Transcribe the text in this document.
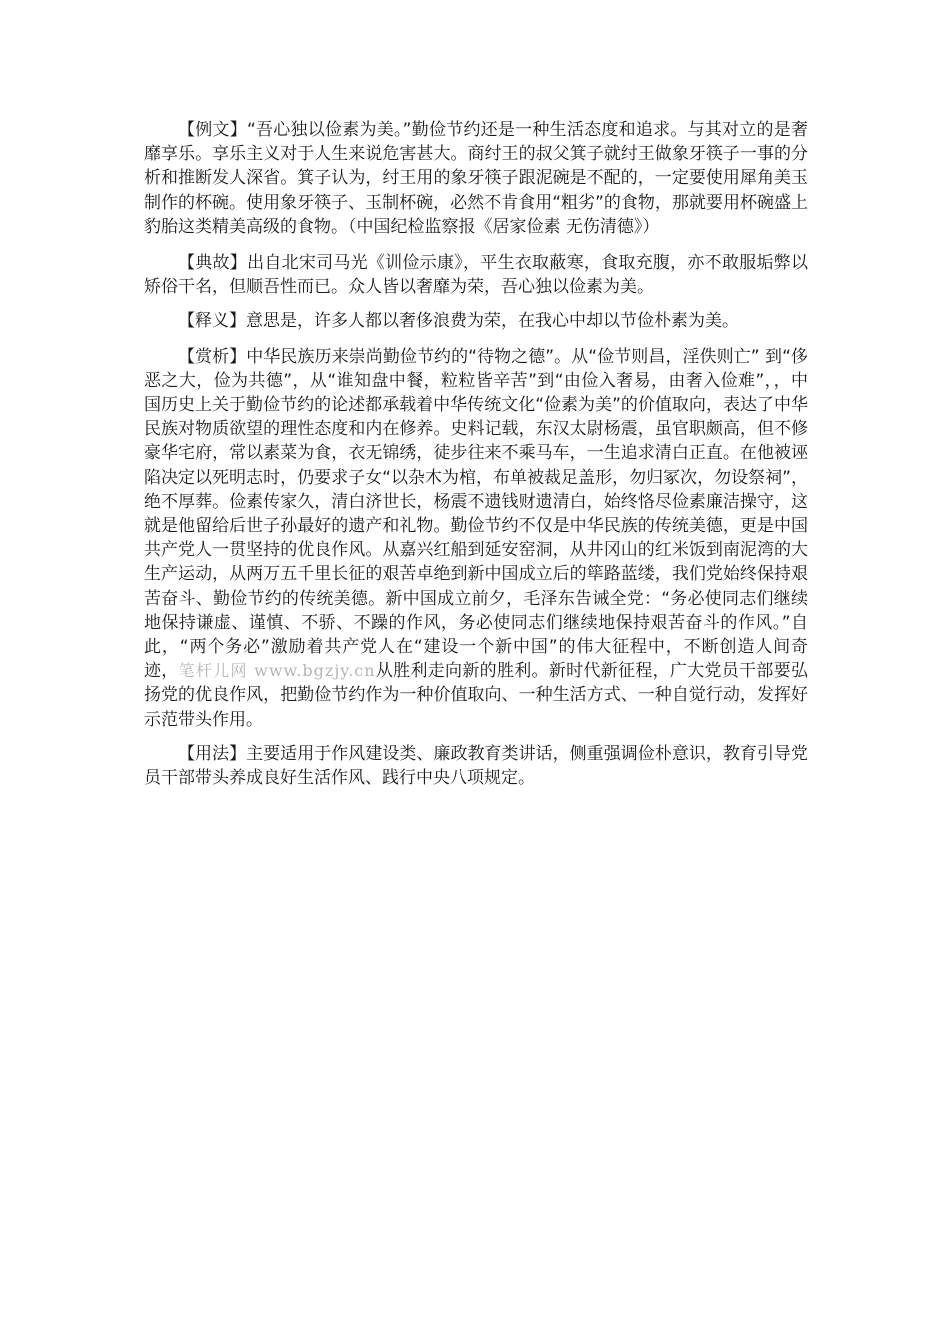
【例文】“吾心独以俭素为美。”勤俭节约还是一种生活态度和追求。与其对立的是奢靡享乐。享乐主义对于人生来说危害甚大。商纣王的叔父箕子就纣王做象牙筷子一事的分析和推断发人深省。箕子认为，纣王用的象牙筷子跟泥碗是不配的，一定要使用犀角美玉制作的杯碗。使用象牙筷子、玉制杯碗，必然不肯食用“粗劣”的食物，那就要用杯碗盛上豹胎这类精美高级的食物。（中国纪检监察报《居家俭素 无伤清德》）

【典故】出自北宋司马光《训俭示康》，平生衣取蔽寒，食取充腹，亦不敢服垢弊以矫俗干名，但顺吾性而已。众人皆以奢靡为荣，吾心独以俭素为美。

【释义】意思是，许多人都以奢侈浪费为荣，在我心中却以节俭朴素为美。

【赏析】中华民族历来崇尚勤俭节约的“待物之德”。从“俭节则昌，淫佚则亡” 到“侈恶之大，俭为共德”，从“谁知盘中餐，粒粒皆辛苦”到“由俭入奢易，由奢入俭难”，，中国历史上关于勤俭节约的论述都承载着中华传统文化“俭素为美”的价值取向，表达了中华民族对物质欲望的理性态度和内在修养。史料记载，东汉太尉杨震，虽官职颇高，但不修豪华宅府，常以素菜为食，衣无锦绣，徒步往来不乘马车，一生追求清白正直。在他被诬陷决定以死明志时，仍要求子女“以杂木为棺，布单被裁足盖形，勿归冢次，勿设祭祠”，绝不厚葬。俭素传家久，清白济世长，杨震不遗钱财遗清白，始终恪尽俭素廉洁操守，这就是他留给后世子孙最好的遗产和礼物。勤俭节约不仅是中华民族的传统美德，更是中国共产党人一贯坚持的优良作风。从嘉兴红船到延安窑洞，从井冈山的红米饭到南泥湾的大生产运动，从两万五千里长征的艰苦卓绝到新中国成立后的筚路蓝缕，我们党始终保持艰苦奋斗、勤俭节约的传统美德。新中国成立前夕，毛泽东告诫全党：“务必使同志们继续地保持谦虚、谨慎、不骄、不躁的作风，务必使同志们继续地保持艰苦奋斗的作风。”自此，“两个务必”激励着共产党人在“建设一个新中国”的伟大征程中，不断创造人间奇迹，笔杆儿网 www.bgzjy.cn从胜利走向新的胜利。新时代新征程，广大党员干部要弘扬党的优良作风，把勤俭节约作为一种价值取向、一种生活方式、一种自觉行动，发挥好示范带头作用。

【用法】主要适用于作风建设类、廉政教育类讲话，侧重强调俭朴意识，教育引导党员干部带头养成良好生活作风、践行中央八项规定。
